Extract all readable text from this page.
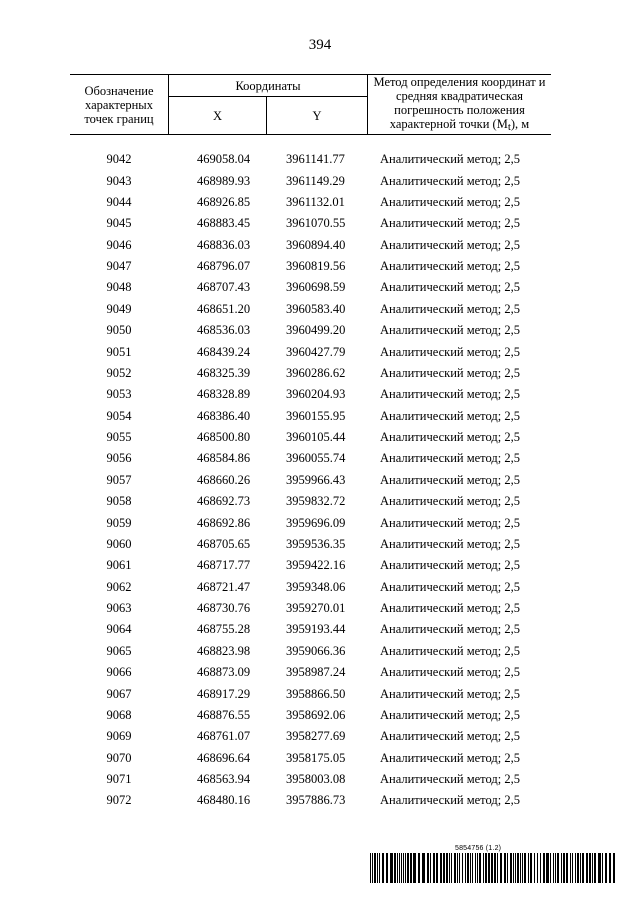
394
Обозначение характерных точек границ	Координаты		Метод определения координат и средняя квадратическая погрешность положения характерной точки (Mt), м
	X	Y	
9042	469058.04	3961141.77	Аналитический метод; 2,5
9043	468989.93	3961149.29	Аналитический метод; 2,5
9044	468926.85	3961132.01	Аналитический метод; 2,5
9045	468883.45	3961070.55	Аналитический метод; 2,5
9046	468836.03	3960894.40	Аналитический метод; 2,5
9047	468796.07	3960819.56	Аналитический метод; 2,5
9048	468707.43	3960698.59	Аналитический метод; 2,5
9049	468651.20	3960583.40	Аналитический метод; 2,5
9050	468536.03	3960499.20	Аналитический метод; 2,5
9051	468439.24	3960427.79	Аналитический метод; 2,5
9052	468325.39	3960286.62	Аналитический метод; 2,5
9053	468328.89	3960204.93	Аналитический метод; 2,5
9054	468386.40	3960155.95	Аналитический метод; 2,5
9055	468500.80	3960105.44	Аналитический метод; 2,5
9056	468584.86	3960055.74	Аналитический метод; 2,5
9057	468660.26	3959966.43	Аналитический метод; 2,5
9058	468692.73	3959832.72	Аналитический метод; 2,5
9059	468692.86	3959696.09	Аналитический метод; 2,5
9060	468705.65	3959536.35	Аналитический метод; 2,5
9061	468717.77	3959422.16	Аналитический метод; 2,5
9062	468721.47	3959348.06	Аналитический метод; 2,5
9063	468730.76	3959270.01	Аналитический метод; 2,5
9064	468755.28	3959193.44	Аналитический метод; 2,5
9065	468823.98	3959066.36	Аналитический метод; 2,5
9066	468873.09	3958987.24	Аналитический метод; 2,5
9067	468917.29	3958866.50	Аналитический метод; 2,5
9068	468876.55	3958692.06	Аналитический метод; 2,5
9069	468761.07	3958277.69	Аналитический метод; 2,5
9070	468696.64	3958175.05	Аналитический метод; 2,5
9071	468563.94	3958003.08	Аналитический метод; 2,5
9072	468480.16	3957886.73	Аналитический метод; 2,5
5854756 (1.2)
